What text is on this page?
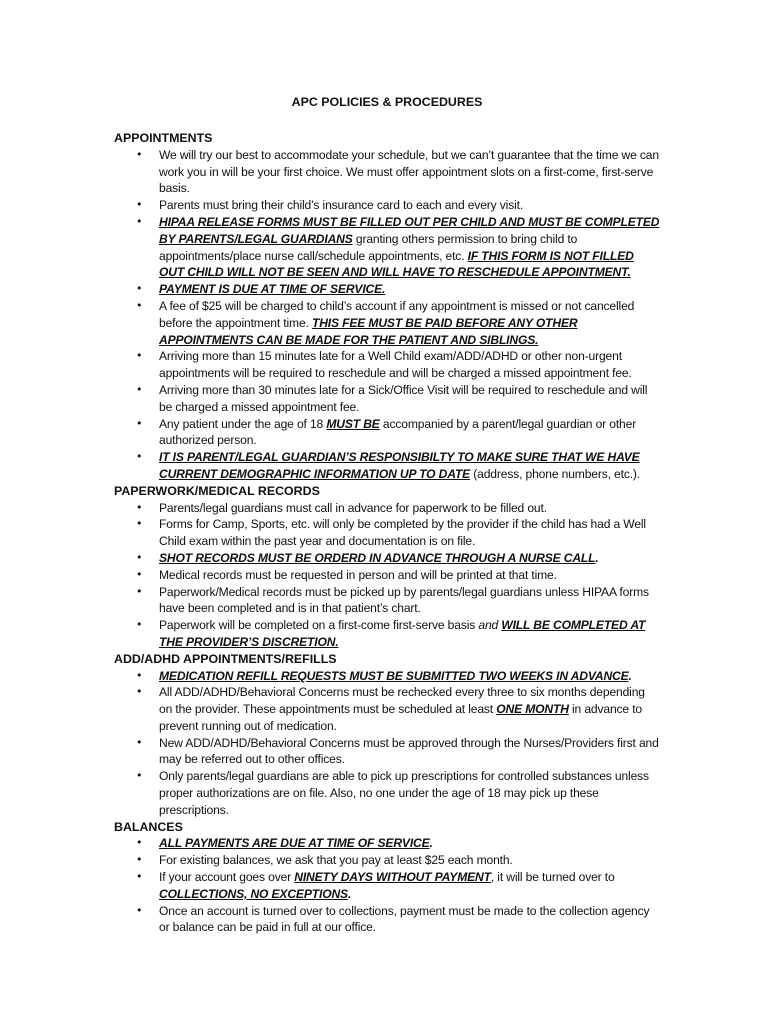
APC POLICIES & PROCEDURES
APPOINTMENTS
• We will try our best to accommodate your schedule, but we can’t guarantee that the time we can work you in will be your first choice. We must offer appointment slots on a first-come, first-serve basis.
• Parents must bring their child’s insurance card to each and every visit.
• HIPAA RELEASE FORMS MUST BE FILLED OUT PER CHILD AND MUST BE COMPLETED BY PARENTS/LEGAL GUARDIANS granting others permission to bring child to appointments/place nurse call/schedule appointments, etc. IF THIS FORM IS NOT FILLED OUT CHILD WILL NOT BE SEEN AND WILL HAVE TO RESCHEDULE APPOINTMENT.
• PAYMENT IS DUE AT TIME OF SERVICE.
• A fee of $25 will be charged to child’s account if any appointment is missed or not cancelled before the appointment time. THIS FEE MUST BE PAID BEFORE ANY OTHER APPOINTMENTS CAN BE MADE FOR THE PATIENT AND SIBLINGS.
• Arriving more than 15 minutes late for a Well Child exam/ADD/ADHD or other non-urgent appointments will be required to reschedule and will be charged a missed appointment fee.
• Arriving more than 30 minutes late for a Sick/Office Visit will be required to reschedule and will be charged a missed appointment fee.
• Any patient under the age of 18 MUST BE accompanied by a parent/legal guardian or other authorized person.
• IT IS PARENT/LEGAL GUARDIAN’S RESPONSIBILTY TO MAKE SURE THAT WE HAVE CURRENT DEMOGRAPHIC INFORMATION UP TO DATE (address, phone numbers, etc.).
PAPERWORK/MEDICAL RECORDS
• Parents/legal guardians must call in advance for paperwork to be filled out.
• Forms for Camp, Sports, etc. will only be completed by the provider if the child has had a Well Child exam within the past year and documentation is on file.
• SHOT RECORDS MUST BE ORDERD IN ADVANCE THROUGH A NURSE CALL.
• Medical records must be requested in person and will be printed at that time.
• Paperwork/Medical records must be picked up by parents/legal guardians unless HIPAA forms have been completed and is in that patient’s chart.
• Paperwork will be completed on a first-come first-serve basis and WILL BE COMPLETED AT THE PROVIDER’S DISCRETION.
ADD/ADHD APPOINTMENTS/REFILLS
• MEDICATION REFILL REQUESTS MUST BE SUBMITTED TWO WEEKS IN ADVANCE.
• All ADD/ADHD/Behavioral Concerns must be rechecked every three to six months depending on the provider. These appointments must be scheduled at least ONE MONTH in advance to prevent running out of medication.
• New ADD/ADHD/Behavioral Concerns must be approved through the Nurses/Providers first and may be referred out to other offices.
• Only parents/legal guardians are able to pick up prescriptions for controlled substances unless proper authorizations are on file. Also, no one under the age of 18 may pick up these prescriptions.
BALANCES
• ALL PAYMENTS ARE DUE AT TIME OF SERVICE.
• For existing balances, we ask that you pay at least $25 each month.
• If your account goes over NINETY DAYS WITHOUT PAYMENT, it will be turned over to COLLECTIONS, NO EXCEPTIONS.
• Once an account is turned over to collections, payment must be made to the collection agency or balance can be paid in full at our office.
